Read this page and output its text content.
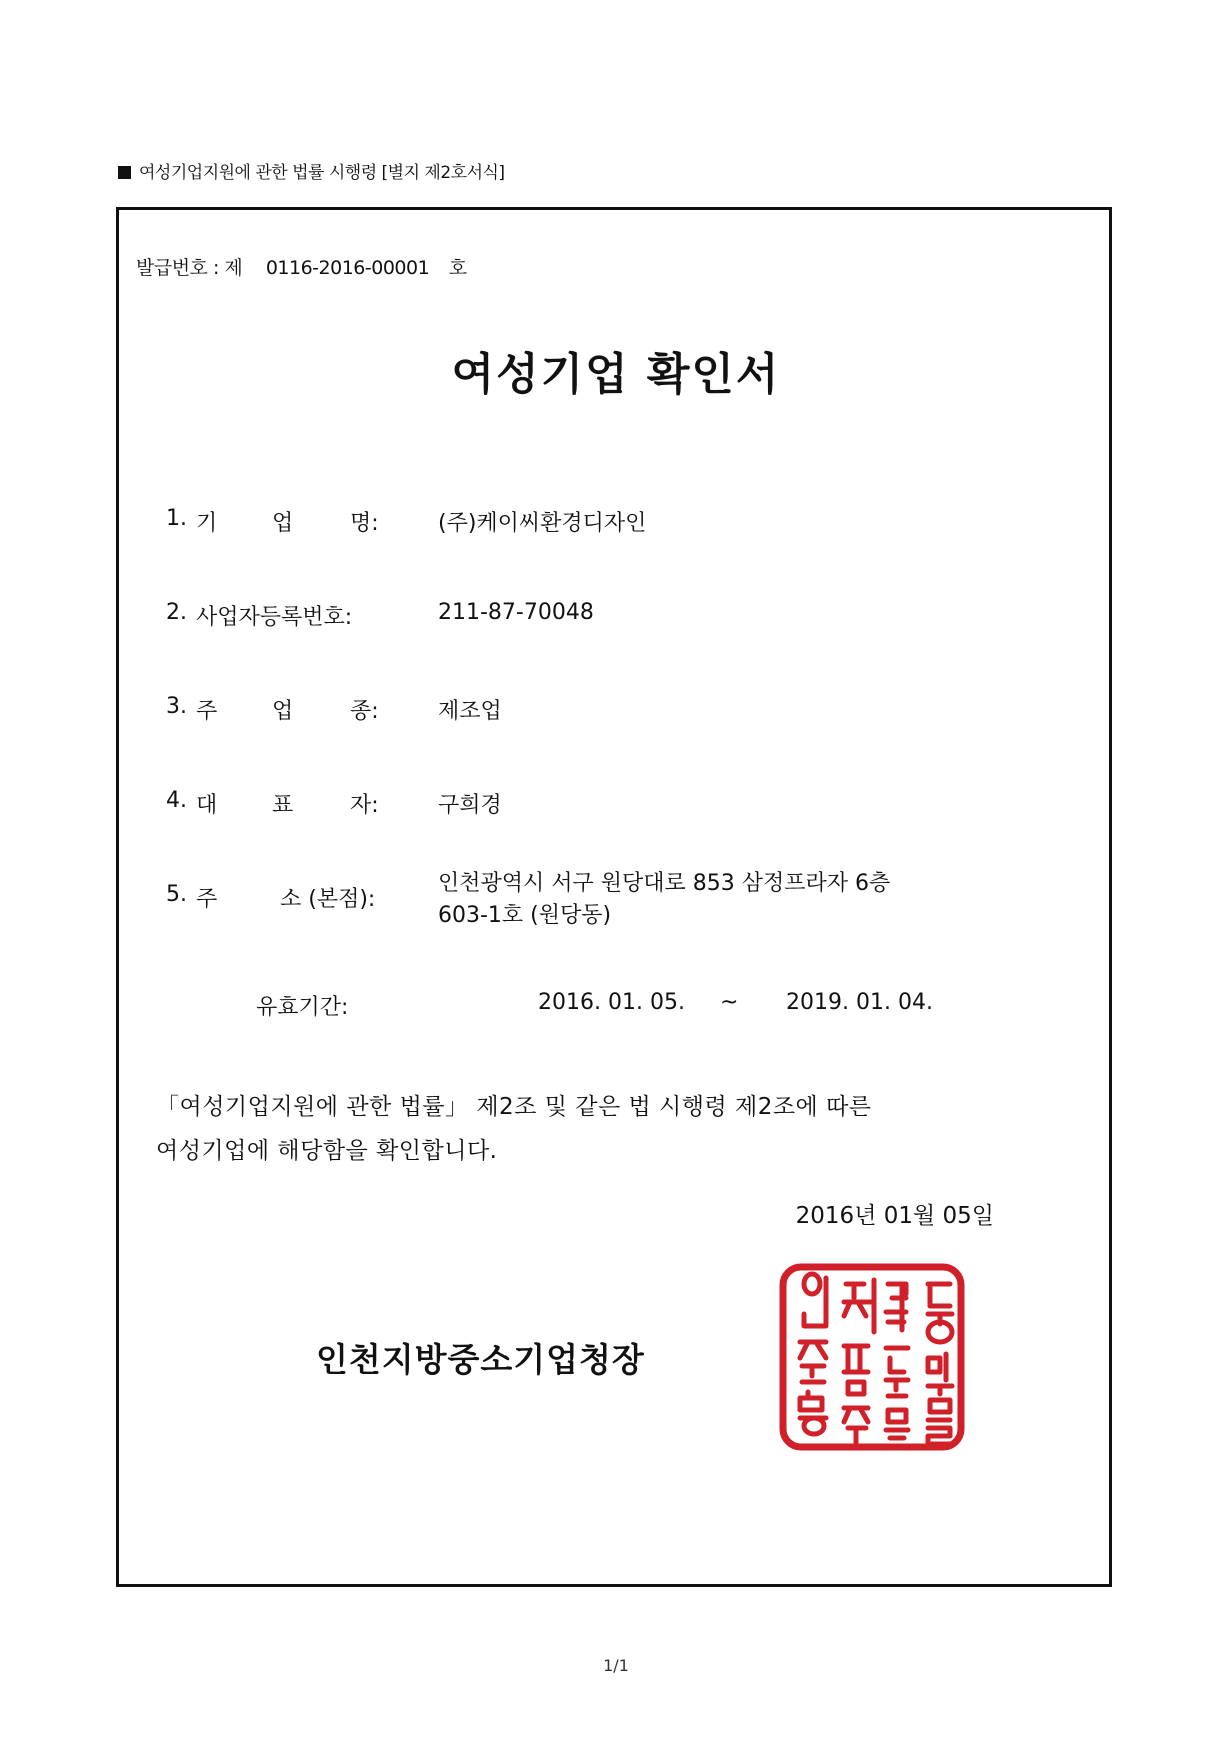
여성기업지원에 관한 법률 시행령 [별지 제2호서식]
발급번호 : 제 0116-2016-00001 호
여성기업 확인서
1. 기 업	명:	(주)케이씨환경디자인
2. 사업자등록번호:	211-87-70048
3. 주 업	종:	제조업
4. 대 표	자:	구희경
5. 주	소 (본점):
인천광역시 서구 원당대로 853 삼정프라자 6층
603-1호 (원당동)
유효기간:	2016. 01. 05. ~ 2019. 01. 04.
「여성기업지원에 관한 법률」 제2조 및 같은 법 시행령 제2조에 따른
여성기업에 해당함을 확인합니다.
2016년 01월 05일
인천지방중소기업청장
1/1
